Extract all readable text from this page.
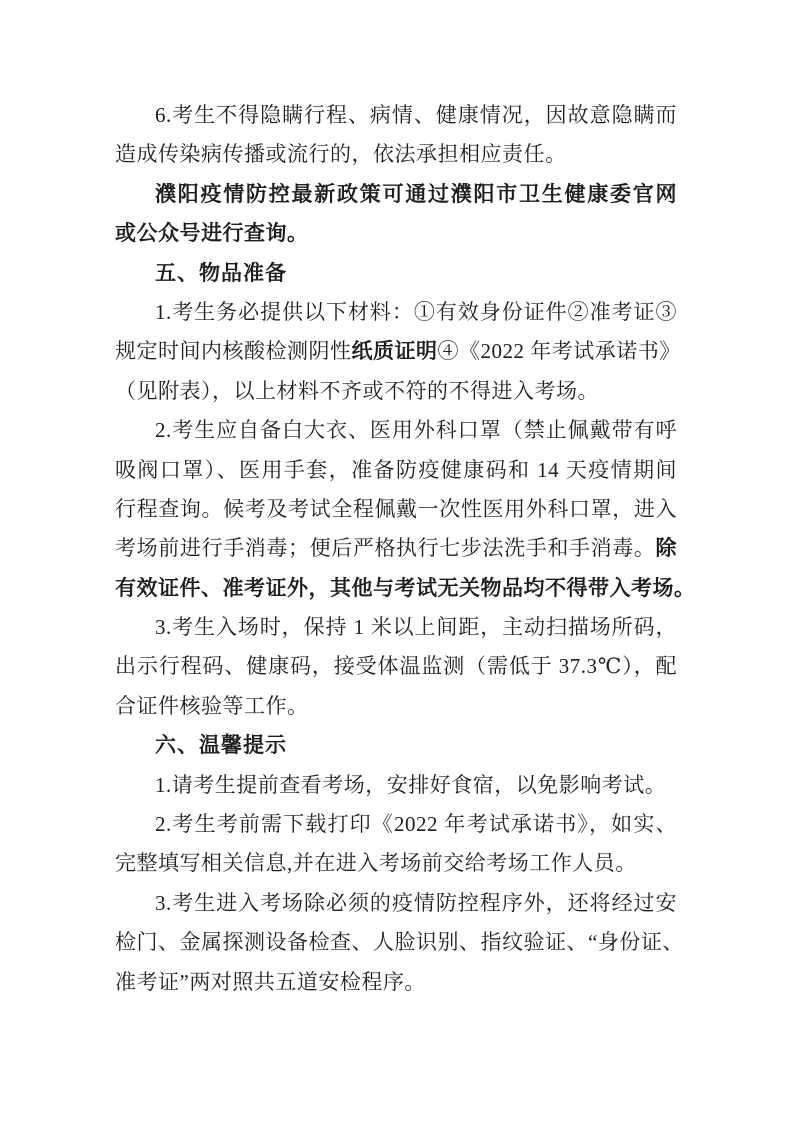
6.考生不得隐瞒行程、病情、健康情况，因故意隐瞒而
造成传染病传播或流行的，依法承担相应责任。
濮阳疫情防控最新政策可通过濮阳市卫生健康委官网
或公众号进行查询。
五、物品准备
1.考生务必提供以下材料：①有效身份证件②准考证③
规定时间内核酸检测阴性纸质证明④《2022 年考试承诺书》
（见附表），以上材料不齐或不符的不得进入考场。
2.考生应自备白大衣、医用外科口罩（禁止佩戴带有呼
吸阀口罩）、医用手套，准备防疫健康码和 14 天疫情期间
行程查询。候考及考试全程佩戴一次性医用外科口罩，进入
考场前进行手消毒；便后严格执行七步法洗手和手消毒。除
有效证件、准考证外，其他与考试无关物品均不得带入考场。
3.考生入场时，保持 1 米以上间距，主动扫描场所码，
出示行程码、健康码，接受体温监测（需低于 37.3℃），配
合证件核验等工作。
六、温馨提示
1.请考生提前查看考场，安排好食宿，以免影响考试。
2.考生考前需下载打印《2022 年考试承诺书》，如实、
完整填写相关信息,并在进入考场前交给考场工作人员。
3.考生进入考场除必须的疫情防控程序外，还将经过安
检门、金属探测设备检查、人脸识别、指纹验证、“身份证、
准考证”两对照共五道安检程序。
